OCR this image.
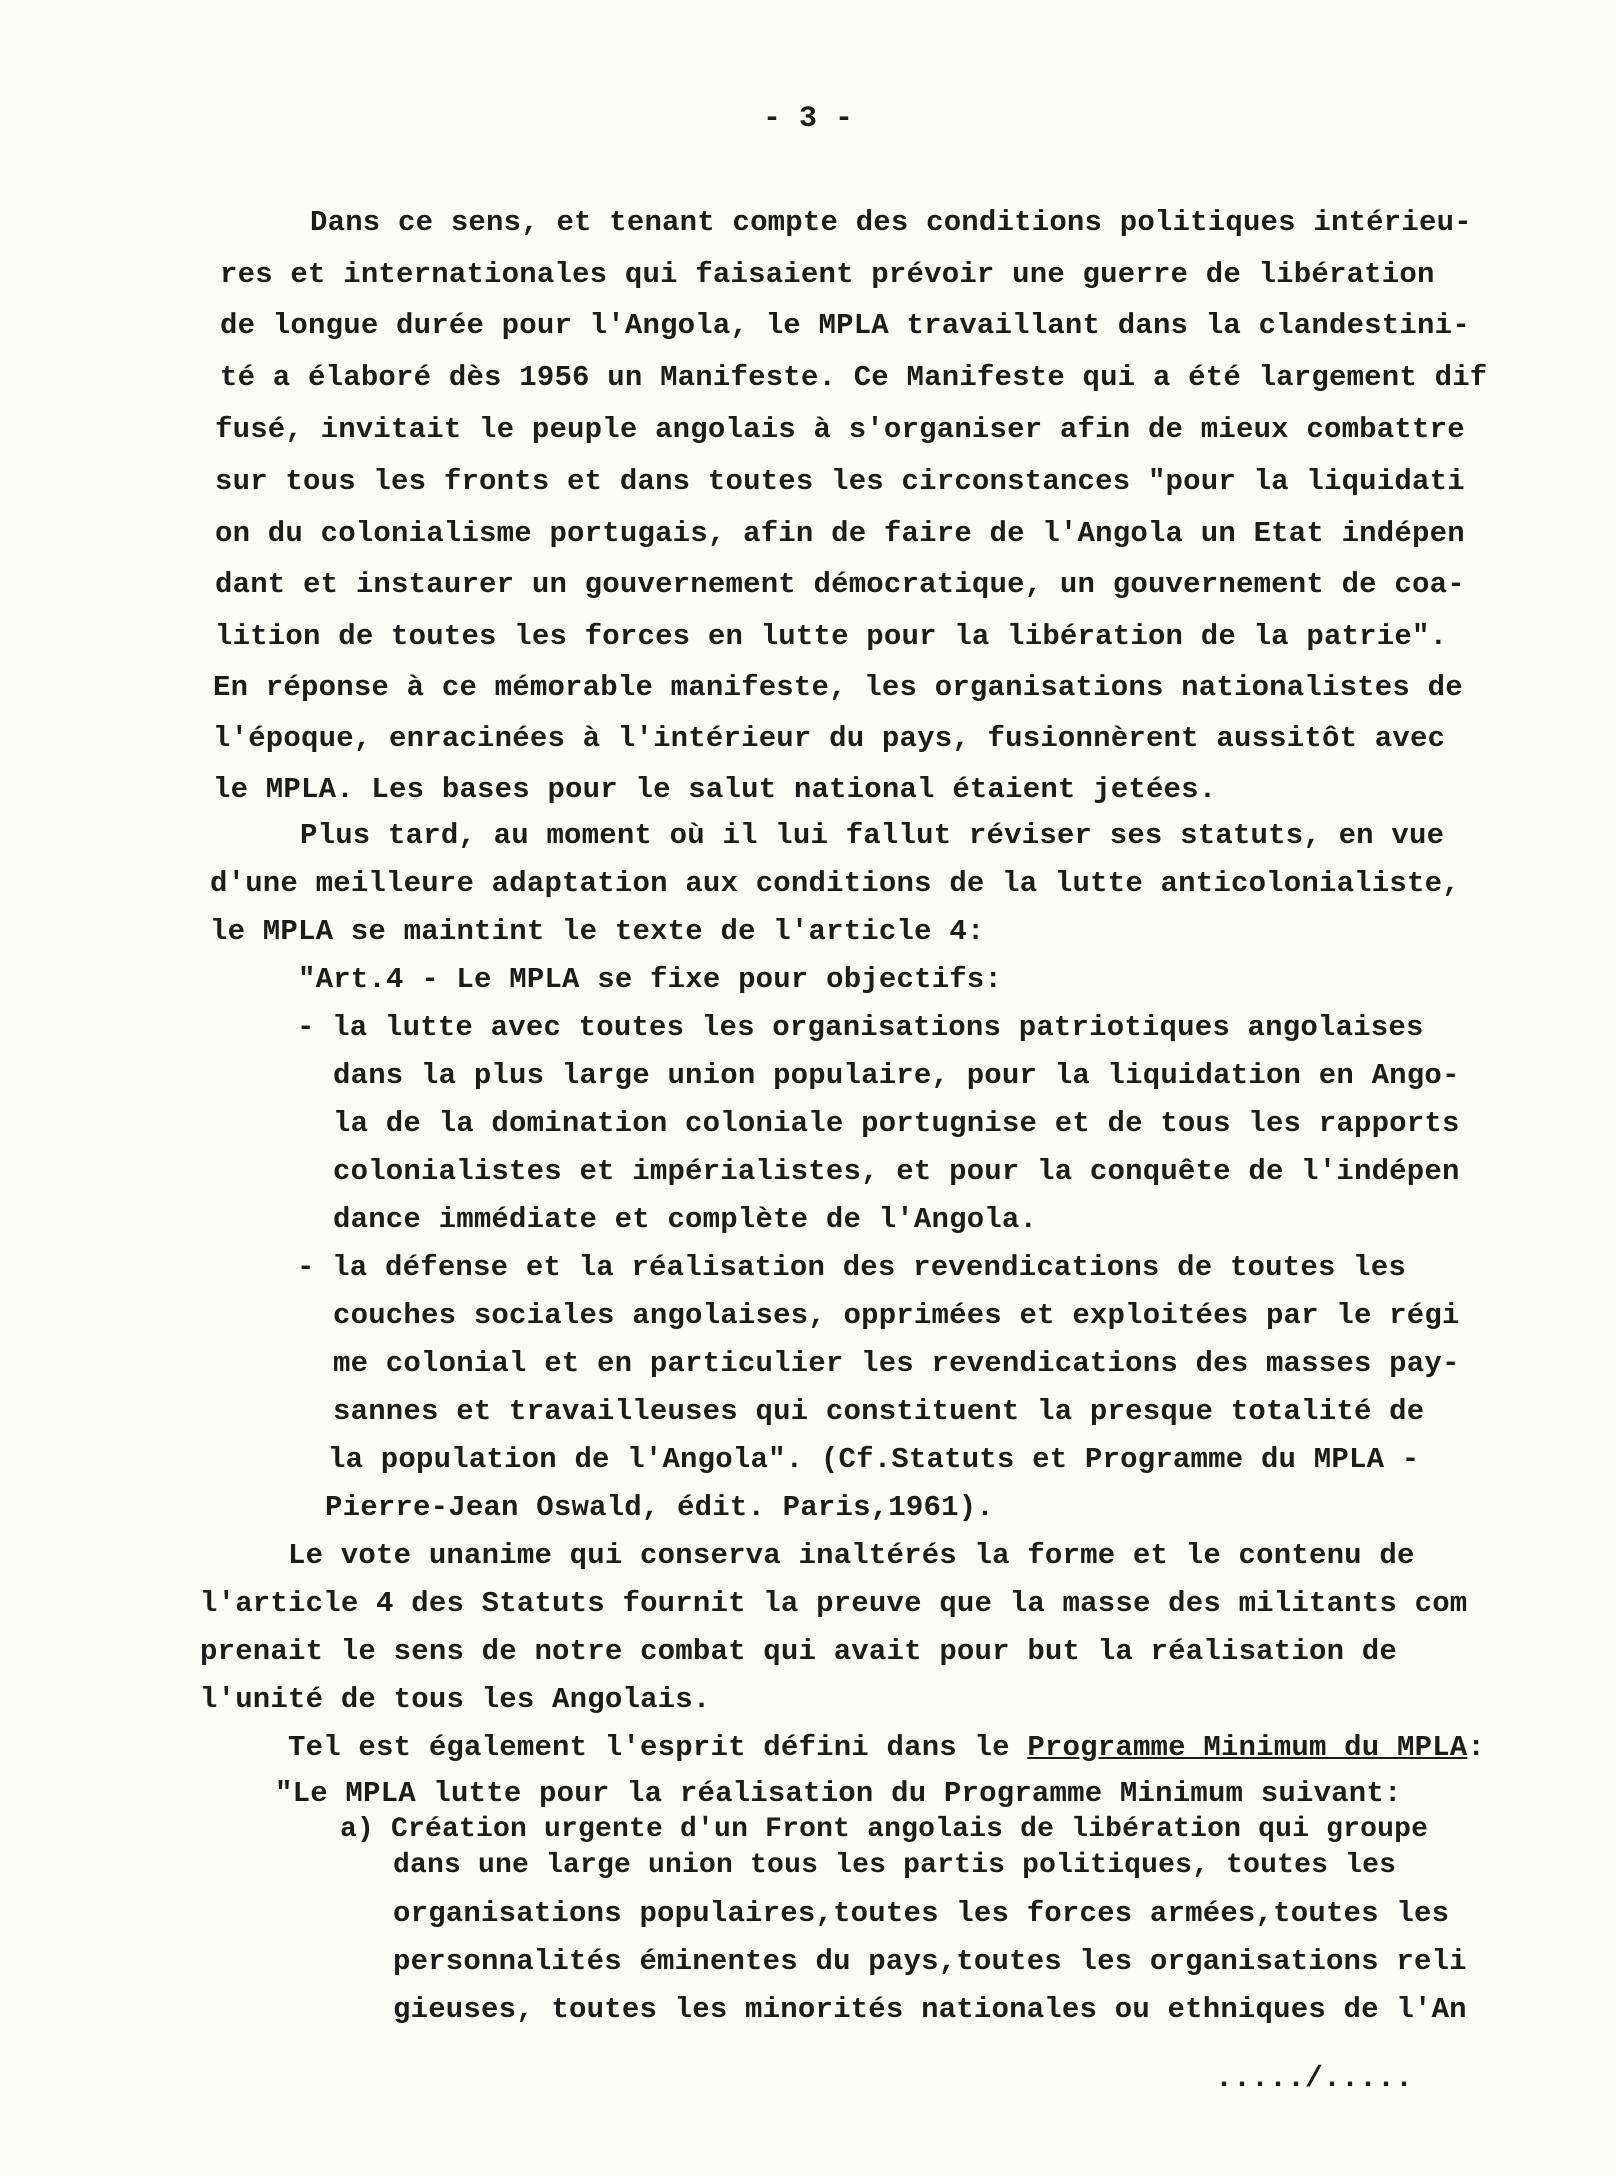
- 3 -
Dans ce sens, et tenant compte des conditions politiques intérieu-
res et internationales qui faisaient prévoir une guerre de libération
de longue durée pour l'Angola, le MPLA travaillant dans la clandestini-
té a élaboré dès 1956 un Manifeste. Ce Manifeste qui a été largement dif
fusé, invitait le peuple angolais à s'organiser afin de mieux combattre
sur tous les fronts et dans toutes les circonstances "pour la liquidati
on du colonialisme portugais, afin de faire de l'Angola un Etat indépen
dant et instaurer un gouvernement démocratique, un gouvernement de coa-
lition de toutes les forces en lutte pour la libération de la patrie".
En réponse à ce mémorable manifeste, les organisations nationalistes de
l'époque, enracinées à l'intérieur du pays, fusionnèrent aussitôt avec
le MPLA. Les bases pour le salut national étaient jetées.
Plus tard, au moment où il lui fallut réviser ses statuts, en vue
d'une meilleure adaptation aux conditions de la lutte anticolonialiste,
le MPLA se maintint le texte de l'article 4:
"Art.4 - Le MPLA se fixe pour objectifs:
- la lutte avec toutes les organisations patriotiques angolaises
dans la plus large union populaire, pour la liquidation en Ango-
la de la domination coloniale portugnise et de tous les rapports
colonialistes et impérialistes, et pour la conquête de l'indépen
dance immédiate et complète de l'Angola.
- la défense et la réalisation des revendications de toutes les
couches sociales angolaises, opprimées et exploitées par le régi
me colonial et en particulier les revendications des masses pay-
sannes et travailleuses qui constituent la presque totalité de
la population de l'Angola". (Cf.Statuts et Programme du MPLA -
Pierre-Jean Oswald, édit. Paris,1961).
Le vote unanime qui conserva inaltérés la forme et le contenu de
l'article 4 des Statuts fournit la preuve que la masse des militants com
prenait le sens de notre combat qui avait pour but la réalisation de
l'unité de tous les Angolais.
Tel est également l'esprit défini dans le Programme Minimum du MPLA:
"Le MPLA lutte pour la réalisation du Programme Minimum suivant:
a) Création urgente d'un Front angolais de libération qui groupe
dans une large union tous les partis politiques, toutes les
organisations populaires,toutes les forces armées,toutes les
personnalités éminentes du pays,toutes les organisations reli
gieuses, toutes les minorités nationales ou ethniques de l'An
...../.....
